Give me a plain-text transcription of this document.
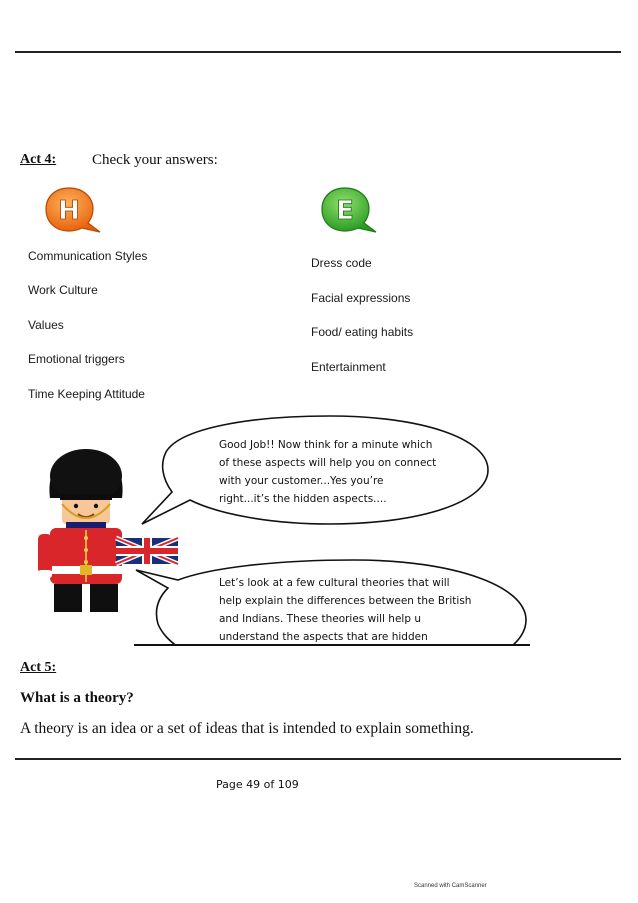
Act 4: Check your answers:
H	E
Communication Styles
Work Culture
Values
Emotional triggers
Time Keeping Attitude
Dress code
Facial expressions
Food/ eating habits
Entertainment
Good Job!! Now think for a minute which
of these aspects will help you on connect
with your customer...Yes you’re
right...it’s the hidden aspects....
Let’s look at a few cultural theories that will
help explain the differences between the British
and Indians. These theories will help u
understand the aspects that are hidden
Act 5:
What is a theory?
A theory is an idea or a set of ideas that is intended to explain something.
Page 49 of 109
Scanned with CamScanner
